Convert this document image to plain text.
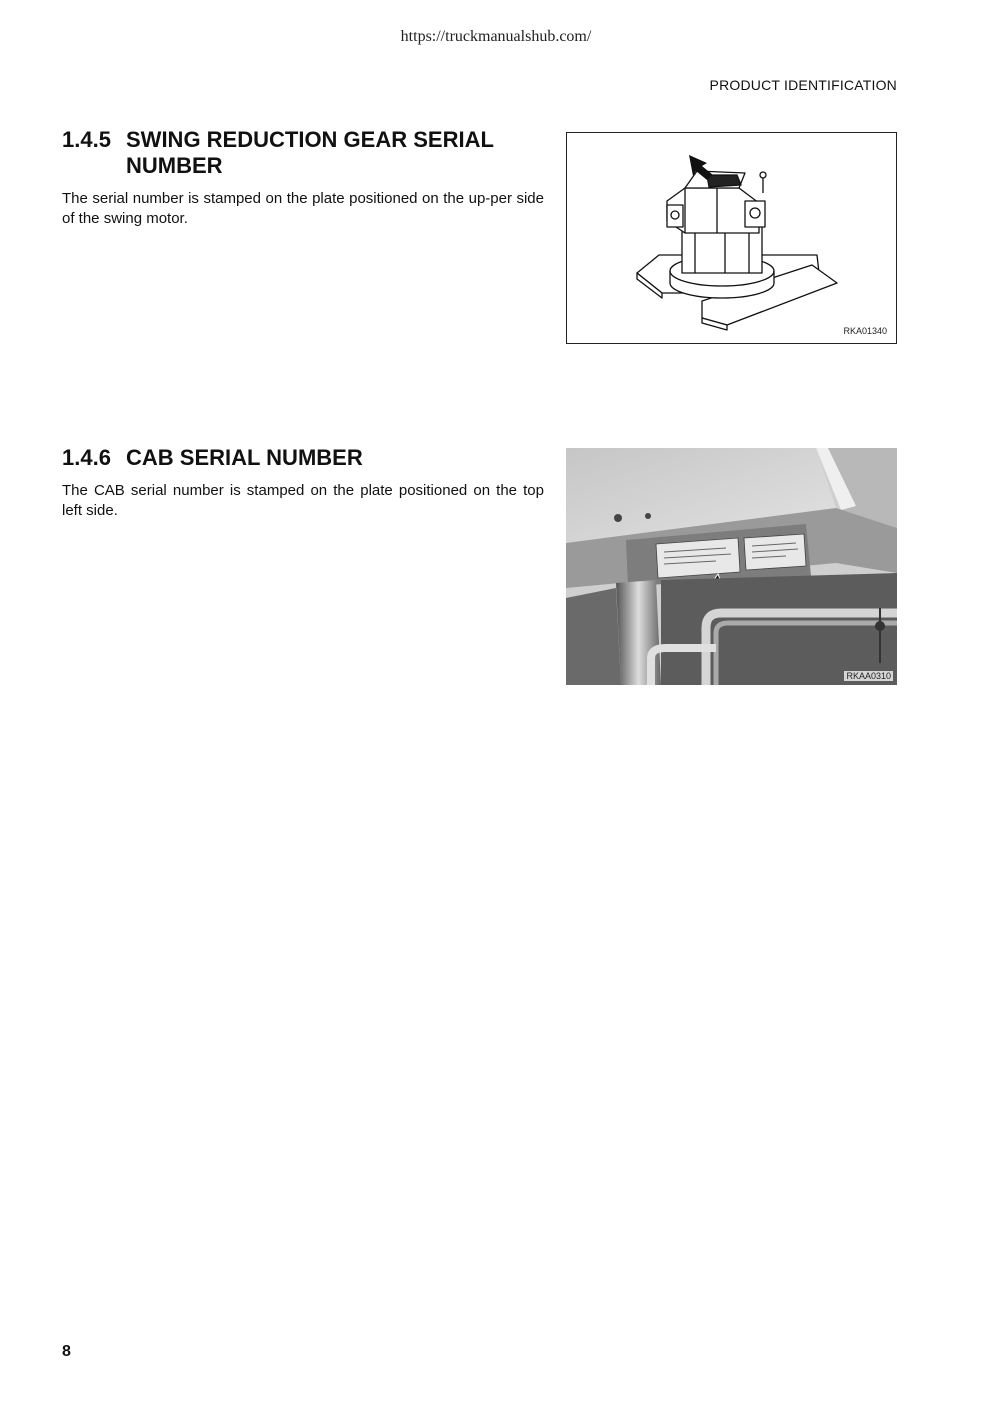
https://truckmanualshub.com/
PRODUCT IDENTIFICATION
1.4.5 SWING REDUCTION GEAR SERIAL
NUMBER

The serial number is stamped on the plate positioned on the up-per side of the swing motor.

RKA01340
1.4.6 CAB SERIAL NUMBER

The CAB serial number is stamped on the plate positioned on the top left side.

RKAA0310
8
